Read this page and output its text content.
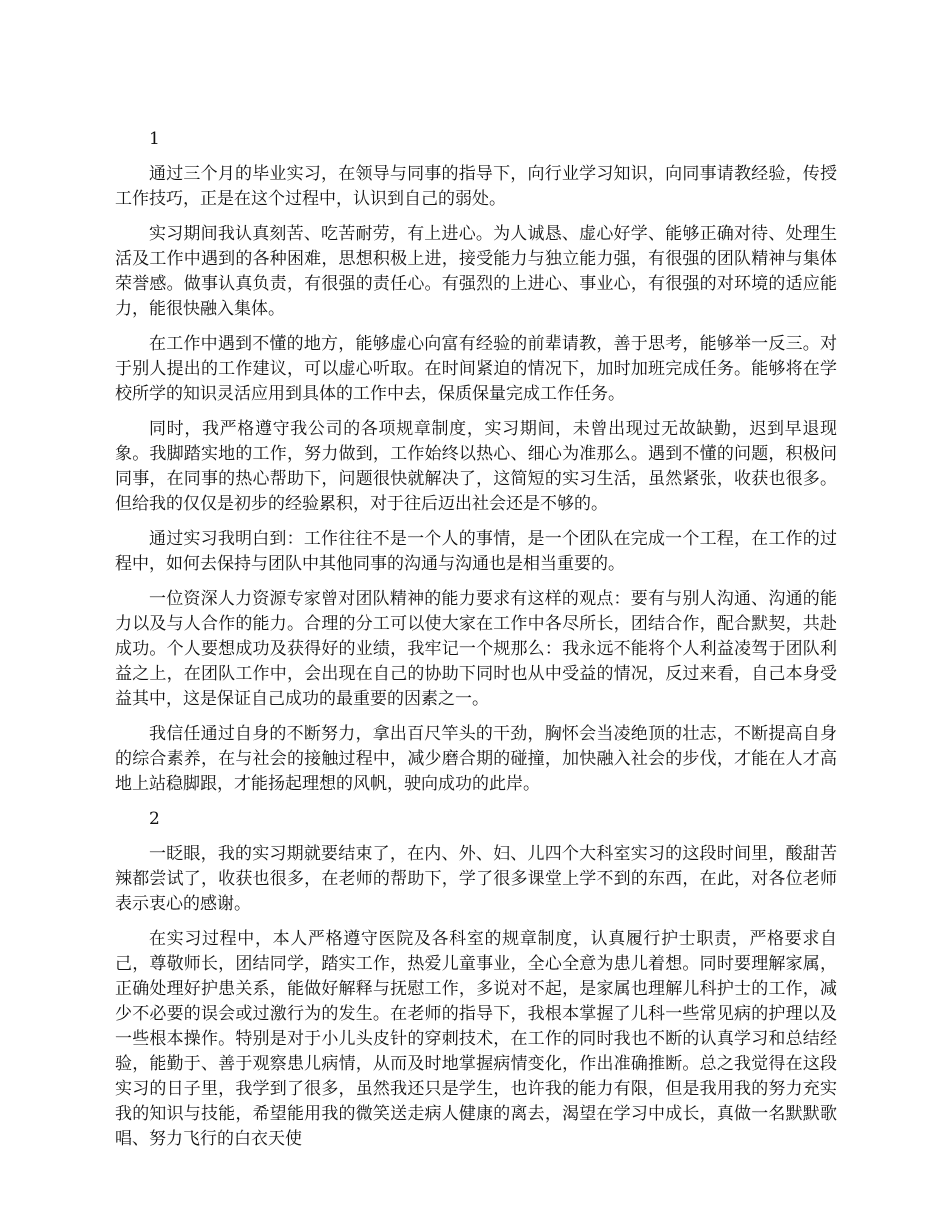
1

通过三个月的毕业实习，在领导与同事的指导下，向行业学习知识，向同事请教经验，传授工作技巧，正是在这个过程中，认识到自己的弱处。

实习期间我认真刻苦、吃苦耐劳，有上进心。为人诚恳、虚心好学、能够正确对待、处理生活及工作中遇到的各种困难，思想积极上进，接受能力与独立能力强，有很强的团队精神与集体荣誉感。做事认真负责，有很强的责任心。有强烈的上进心、事业心，有很强的对环境的适应能力，能很快融入集体。

在工作中遇到不懂的地方，能够虚心向富有经验的前辈请教，善于思考，能够举一反三。对于别人提出的工作建议，可以虚心听取。在时间紧迫的情况下，加时加班完成任务。能够将在学校所学的知识灵活应用到具体的工作中去，保质保量完成工作任务。

同时，我严格遵守我公司的各项规章制度，实习期间，未曾出现过无故缺勤，迟到早退现象。我脚踏实地的工作，努力做到，工作始终以热心、细心为准那么。遇到不懂的问题，积极问同事，在同事的热心帮助下，问题很快就解决了，这简短的实习生活，虽然紧张，收获也很多。但给我的仅仅是初步的经验累积，对于往后迈出社会还是不够的。

通过实习我明白到：工作往往不是一个人的事情，是一个团队在完成一个工程，在工作的过程中，如何去保持与团队中其他同事的沟通与沟通也是相当重要的。

一位资深人力资源专家曾对团队精神的能力要求有这样的观点：要有与别人沟通、沟通的能力以及与人合作的能力。合理的分工可以使大家在工作中各尽所长，团结合作，配合默契，共赴成功。个人要想成功及获得好的业绩，我牢记一个规那么：我永远不能将个人利益凌驾于团队利益之上，在团队工作中，会出现在自己的协助下同时也从中受益的情况，反过来看，自己本身受益其中，这是保证自己成功的最重要的因素之一。

我信任通过自身的不断努力，拿出百尺竿头的干劲，胸怀会当凌绝顶的壮志，不断提高自身的综合素养，在与社会的接触过程中，减少磨合期的碰撞，加快融入社会的步伐，才能在人才高地上站稳脚跟，才能扬起理想的风帆，驶向成功的此岸。

2

一眨眼，我的实习期就要结束了，在内、外、妇、儿四个大科室实习的这段时间里，酸甜苦辣都尝试了，收获也很多，在老师的帮助下，学了很多课堂上学不到的东西，在此，对各位老师表示衷心的感谢。

在实习过程中，本人严格遵守医院及各科室的规章制度，认真履行护士职责，严格要求自己，尊敬师长，团结同学，踏实工作，热爱儿童事业，全心全意为患儿着想。同时要理解家属，正确处理好护患关系，能做好解释与抚慰工作，多说对不起，是家属也理解儿科护士的工作，减少不必要的误会或过激行为的发生。在老师的指导下，我根本掌握了儿科一些常见病的护理以及一些根本操作。特别是对于小儿头皮针的穿刺技术，在工作的同时我也不断的认真学习和总结经验，能勤于、善于观察患儿病情，从而及时地掌握病情变化，作出准确推断。总之我觉得在这段实习的日子里，我学到了很多，虽然我还只是学生，也许我的能力有限，但是我用我的努力充实我的知识与技能，希望能用我的微笑送走病人健康的离去，渴望在学习中成长，真做一名默默歌唱、努力飞行的白衣天使
